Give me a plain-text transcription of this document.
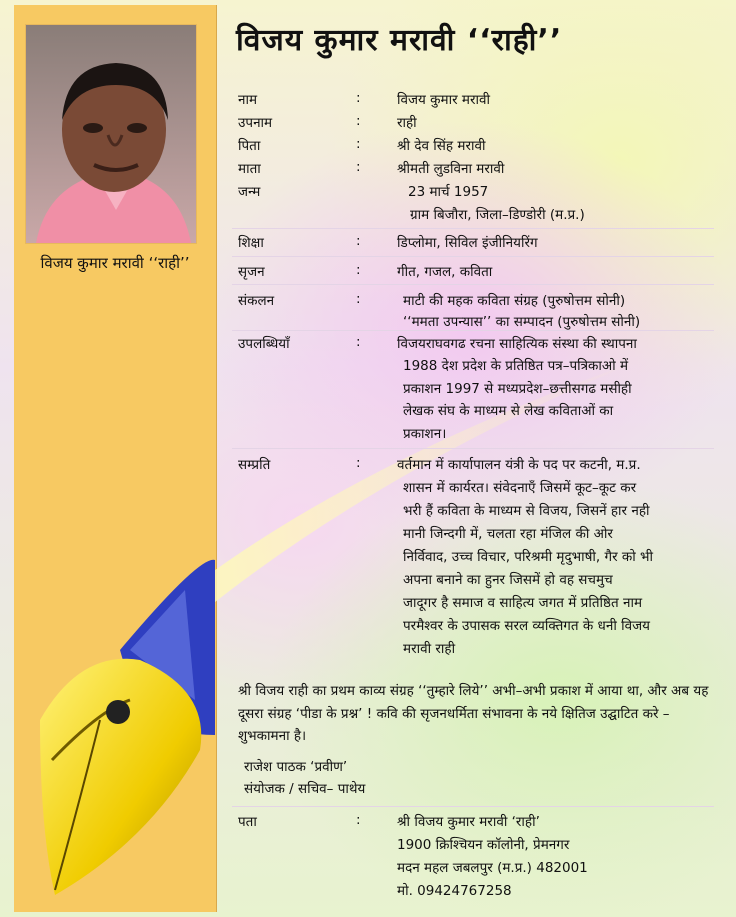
विजय कुमार मरावी ‘‘राही’’
विजय कुमार मरावी ‘‘राही’’
नाम	:	विजय कुमार मरावी
उपनाम	:	राही
पिता	:	श्री देव सिंह मरावी
माता	:	श्रीमती लुडविना मरावी
जन्म	23 मार्च 1957
ग्राम बिजौरा, जिला–डिण्डोरी (म.प्र.)
शिक्षा	:	डिप्लोमा, सिविल इंजीनियरिंग
सृजन	:	गीत, गजल, कविता
संकलन	:	माटी की महक कविता संग्रह (पुरुषोत्तम सोनी)
‘‘ममता उपन्यास’’ का सम्पादन (पुरुषोत्तम सोनी)
उपलब्धियाँ	:	विजयराघवगढ रचना साहित्यिक संस्था की स्थापना
1988 देश प्रदेश के प्रतिष्ठित पत्र–पत्रिकाओ में
प्रकाशन 1997 से मध्यप्रदेश–छत्तीसगढ मसीही
लेखक संघ के माध्यम से लेख कविताओं का
प्रकाशन।
सम्प्रति	:	वर्तमान में कार्यापालन यंत्री के पद पर कटनी, म.प्र.
शासन में कार्यरत। संवेदनाएँ जिसमें कूट–कूट कर
भरी हैं कविता के माध्यम से विजय, जिसनें हार नही
मानी जिन्दगी में, चलता रहा मंजिल की ओर
निर्विवाद, उच्च विचार, परिश्रमी मृदुभाषी, गैर को भी
अपना बनाने का हुनर जिसमें हो वह सचमुच
जादूगर है समाज व साहित्य जगत में प्रतिष्ठित नाम
परमैश्वर के उपासक सरल व्यक्तिगत के धनी विजय
मरावी राही
श्री विजय राही का प्रथम काव्य संग्रह ‘‘तुम्हारे लिये’’ अभी–अभी प्रकाश में आया था, और अब यह दूसरा संग्रह ‘पीडा के प्रश्न’ ! कवि की सृजनधर्मिता संभावना के नये क्षितिज उद्घाटित करे – शुभकामना है।
राजेश पाठक ‘प्रवीण’
संयोजक / सचिव– पाथेय
पता	:	श्री विजय कुमार मरावी ‘राही’
1900 क्रिश्चियन कॉलोनी, प्रेमनगर
मदन महल जबलपुर (म.प्र.) 482001
मो. 09424767258
